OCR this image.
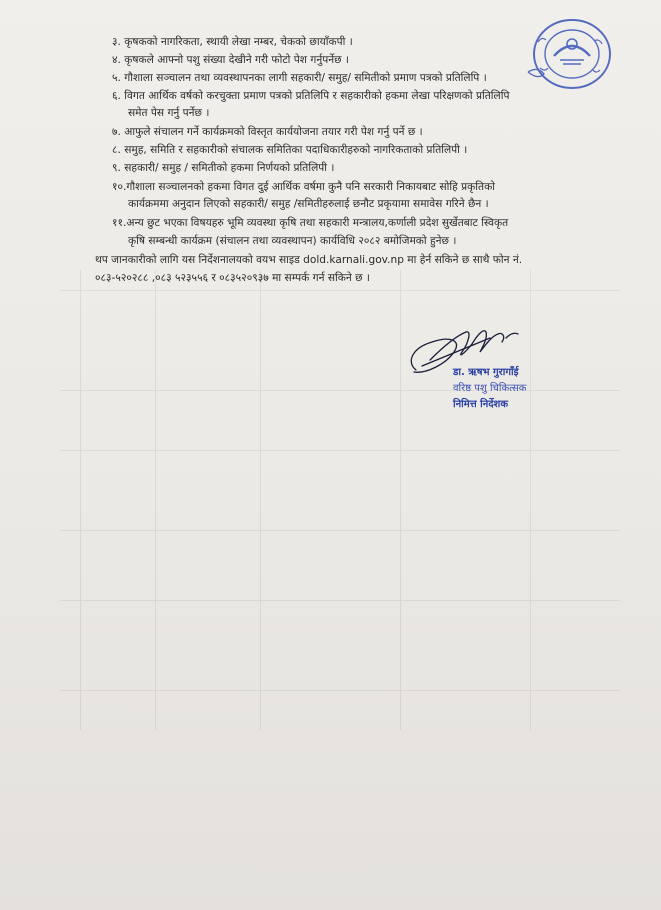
३. कृषकको नागरिकता, स्थायी लेखा नम्बर, चेकको छायाँकपी ।
४. कृषकले आफ्नो पशु संख्या देखीने गरी फोटो पेश गर्नुपर्नेछ ।
५. गौशाला सञ्चालन तथा व्यवस्थापनका लागी सहकारी/ समुह/ समितीको प्रमाण पत्रको प्रतिलिपि ।
६. विगत आर्थिक वर्षको करचुक्ता प्रमाण पत्रको प्रतिलिपि र सहकारीको हकमा लेखा परिक्षणको प्रतिलिपि
समेत पेस गर्नु पर्नेछ ।
७. आफुले संचालन गर्ने कार्यक्रमको विस्तृत कार्ययोजना तयार गरी पेश गर्नु पर्ने छ ।
८. समुह, समिति र सहकारीको संचालक समितिका पदाधिकारीहरुको नागरिकताको प्रतिलिपी ।
९. सहकारी/ समुह / समितीको हकमा निर्णयको प्रतिलिपी ।
१०.गौशाला सञ्चालनको हकमा विगत दुई आर्थिक वर्षमा कुनै पनि सरकारी निकायबाट सोहि प्रकृतिको
कार्यक्रममा अनुदान लिएको सहकारी/ समुह /समितीहरुलाई छनौट प्रकृयामा समावेस गरिने छैन ।
११.अन्य छुट भएका विषयहरु भूमि व्यवस्था कृषि तथा सहकारी मन्त्रालय,कर्णाली प्रदेश सुर्खेतबाट स्विकृत
कृषि सम्बन्धी कार्यक्रम (संचालन तथा व्यवस्थापन) कार्यविधि २०८२ बमोजिमको हुनेछ ।
थप जानकारीको लागि यस निर्देशनालयको वयभ साइड dold.karnali.gov.np मा हेर्न सकिने छ साथै फोन नं.
०८३-५२०२८८ ,०८३ ५२३५५६ र ०८३५२०९३७ मा सम्पर्क गर्न सकिने छ ।
डा. ऋषभ गुरागाँई
वरिष्ठ पशु चिकित्सक
निमित्त निर्देशक
